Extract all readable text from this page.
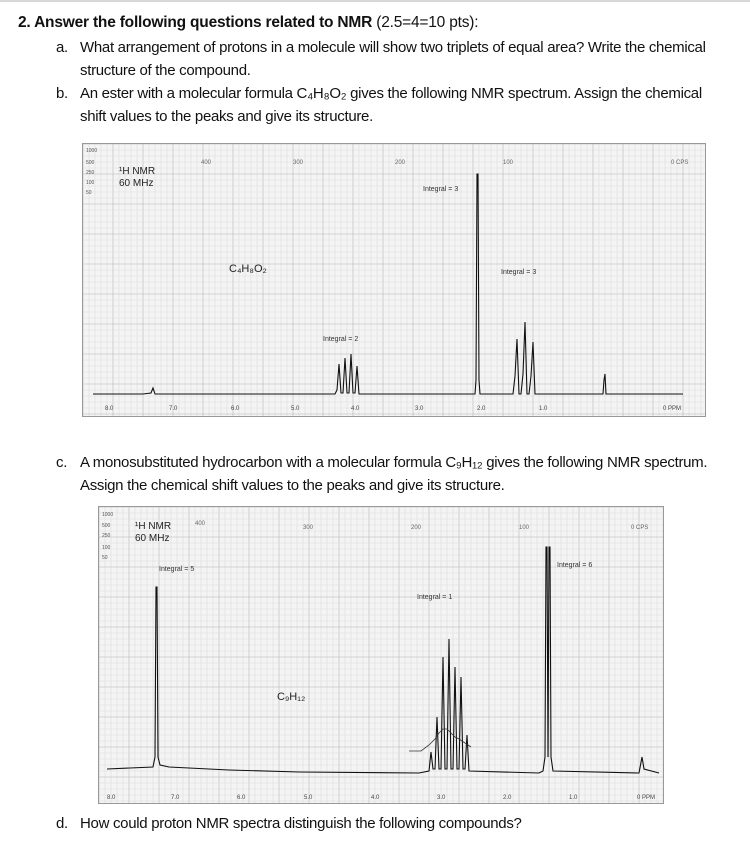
2. Answer the following questions related to NMR (2.5=4=10 pts):
a. What arrangement of protons in a molecule will show two triplets of equal area? Write the chemical
structure of the compound.
b. An ester with a molecular formula C₄H₈O₂ gives the following NMR spectrum. Assign the chemical
shift values to the peaks and give its structure.
¹H NMR
60 MHz
C₄H₈O₂
1000
500
250
100
50
400	300	200	100	0 CPS
8.0	7.0	6.0	5.0	4.0	3.0	2.0	1.0	0 PPM
Integral = 3
Integral = 3
Integral = 2
c. A monosubstituted hydrocarbon with a molecular formula C₉H₁₂ gives the following NMR spectrum.
Assign the chemical shift values to the peaks and give its structure.
¹H NMR
60 MHz
C₉H₁₂
1000
500
250
100
50
400
300	200	100	0 CPS
8.0	7.0	6.0	5.0	4.0	3.0	2.0	1.0	0 PPM
Integral = 5
Integral = 1
Integral = 6
d. How could proton NMR spectra distinguish the following compounds?
